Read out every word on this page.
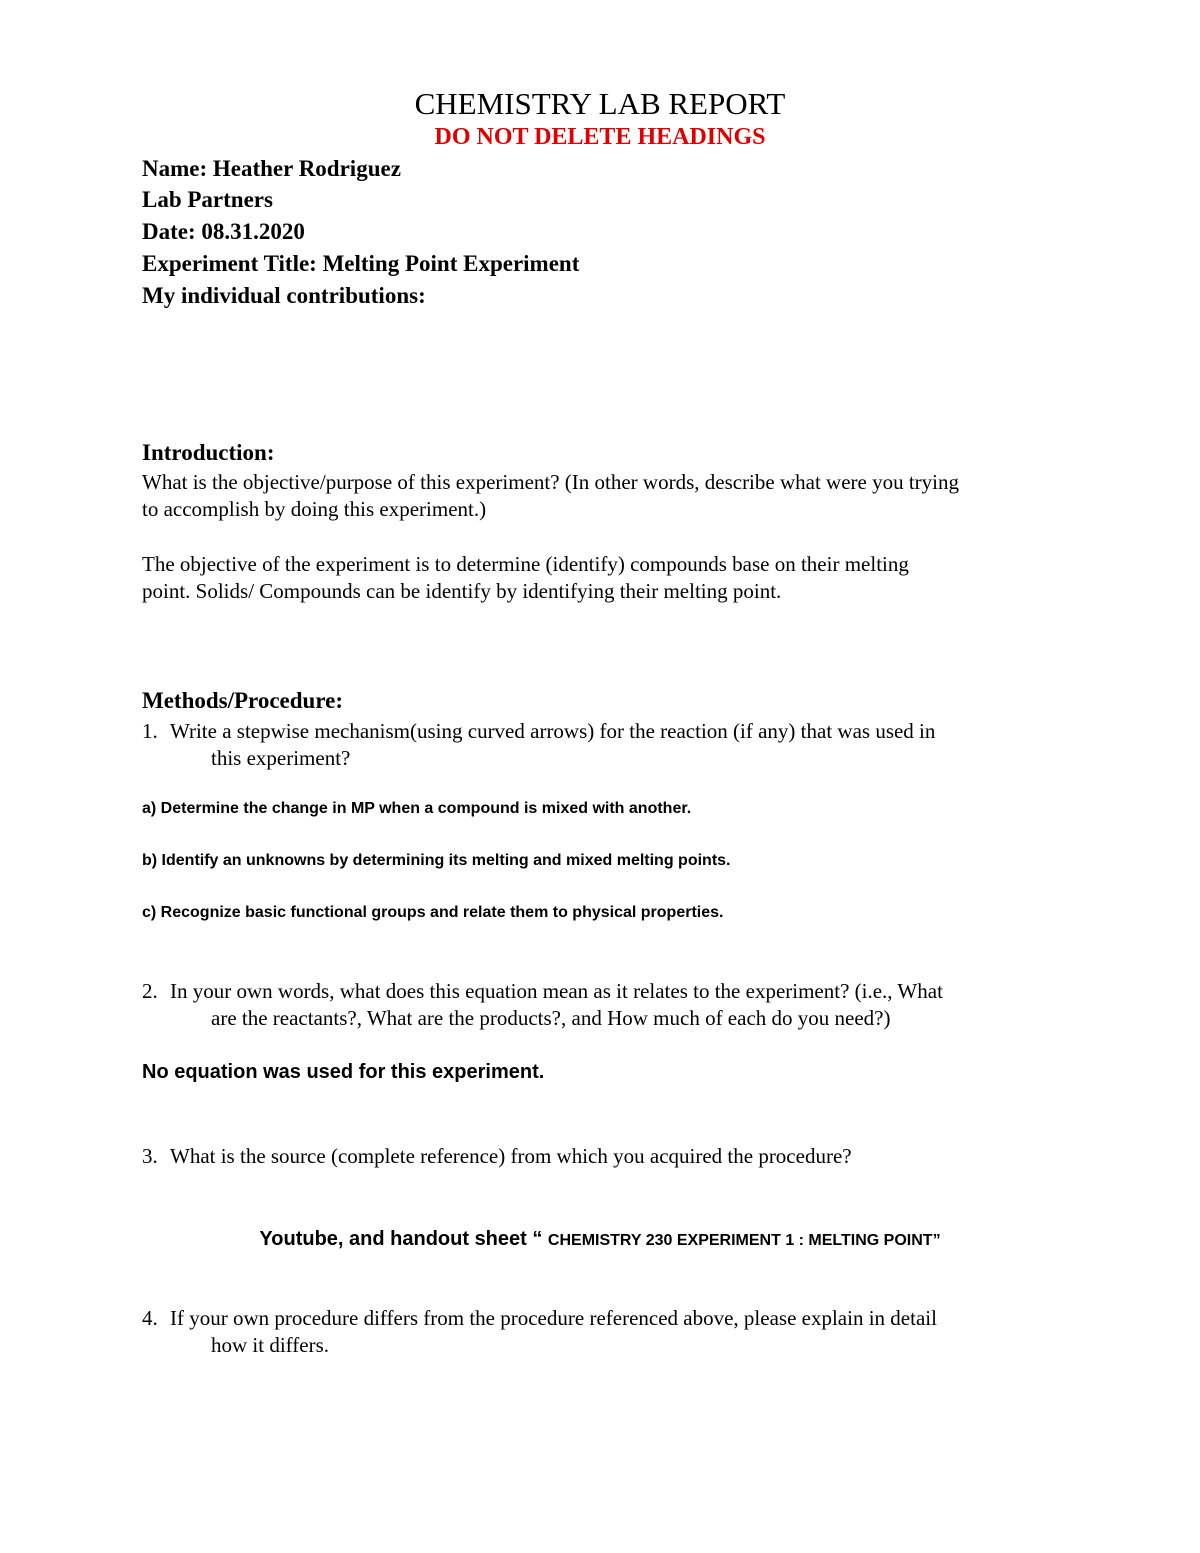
CHEMISTRY LAB REPORT
DO NOT DELETE HEADINGS
Name: Heather Rodriguez
Lab Partners
Date: 08.31.2020
Experiment Title: Melting Point Experiment
My individual contributions:
Introduction:
What is the objective/purpose of this experiment? (In other words, describe what were you trying
to accomplish by doing this experiment.)
The objective of the experiment is to determine (identify) compounds base on their melting
point. Solids/ Compounds can be identify by identifying their melting point.
Methods/Procedure:
1. Write a stepwise mechanism(using curved arrows) for the reaction (if any) that was used in
this experiment?
a) Determine the change in MP when a compound is mixed with another.
b) Identify an unknowns by determining its melting and mixed melting points.
c) Recognize basic functional groups and relate them to physical properties.
2. In your own words, what does this equation mean as it relates to the experiment? (i.e., What
are the reactants?, What are the products?, and How much of each do you need?)
No equation was used for this experiment.
3. What is the source (complete reference) from which you acquired the procedure?
Youtube, and handout sheet “ CHEMISTRY 230 EXPERIMENT 1 : MELTING POINT”
4. If your own procedure differs from the procedure referenced above, please explain in detail
how it differs.
